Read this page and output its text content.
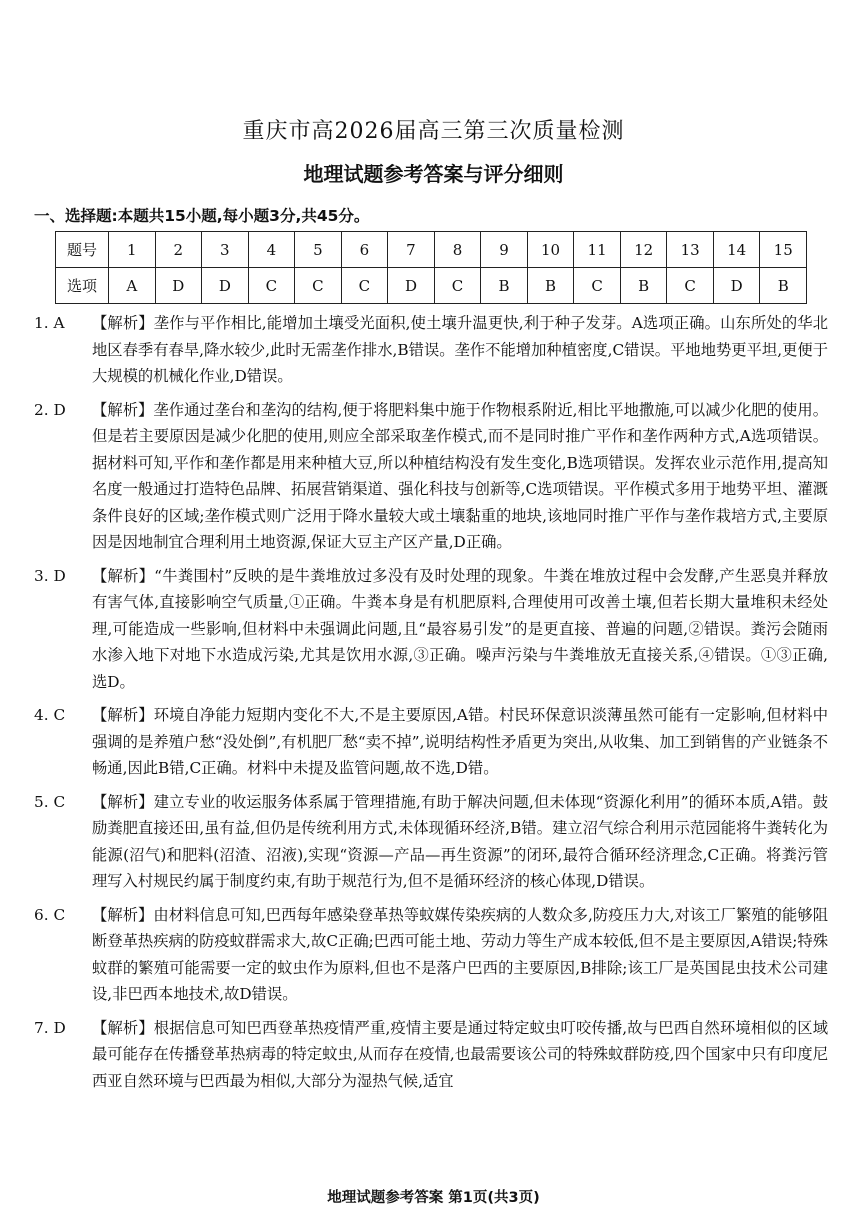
重庆市高2026届高三第三次质量检测
地理试题参考答案与评分细则
一、选择题:本题共15小题,每小题3分,共45分。
题号	1	2	3	4	5	6	7	8	9	10	11	12	13	14	15
选项	A	D	D	C	C	C	D	C	B	B	C	B	C	D	B

1. A 【解析】垄作与平作相比,能增加土壤受光面积,使土壤升温更快,利于种子发芽。A选项正确。山东所处的华北地区春季有春旱,降水较少,此时无需垄作排水,B错误。垄作不能增加种植密度,C错误。平地地势更平坦,更便于大规模的机械化作业,D错误。

2. D 【解析】垄作通过垄台和垄沟的结构,便于将肥料集中施于作物根系附近,相比平地撒施,可以减少化肥的使用。但是若主要原因是减少化肥的使用,则应全部采取垄作模式,而不是同时推广平作和垄作两种方式,A选项错误。据材料可知,平作和垄作都是用来种植大豆,所以种植结构没有发生变化,B选项错误。发挥农业示范作用,提高知名度一般通过打造特色品牌、拓展营销渠道、强化科技与创新等,C选项错误。平作模式多用于地势平坦、灌溉条件良好的区域;垄作模式则广泛用于降水量较大或土壤黏重的地块,该地同时推广平作与垄作栽培方式,主要原因是因地制宜合理利用土地资源,保证大豆主产区产量,D正确。

3. D 【解析】“牛粪围村”反映的是牛粪堆放过多没有及时处理的现象。牛粪在堆放过程中会发酵,产生恶臭并释放有害气体,直接影响空气质量,①正确。牛粪本身是有机肥原料,合理使用可改善土壤,但若长期大量堆积未经处理,可能造成一些影响,但材料中未强调此问题,且“最容易引发”的是更直接、普遍的问题,②错误。粪污会随雨水渗入地下对地下水造成污染,尤其是饮用水源,③正确。噪声污染与牛粪堆放无直接关系,④错误。①③正确,选D。

4. C 【解析】环境自净能力短期内变化不大,不是主要原因,A错。村民环保意识淡薄虽然可能有一定影响,但材料中强调的是养殖户愁“没处倒”,有机肥厂愁“卖不掉”,说明结构性矛盾更为突出,从收集、加工到销售的产业链条不畅通,因此B错,C正确。材料中未提及监管问题,故不选,D错。

5. C 【解析】建立专业的收运服务体系属于管理措施,有助于解决问题,但未体现“资源化利用”的循环本质,A错。鼓励粪肥直接还田,虽有益,但仍是传统利用方式,未体现循环经济,B错。建立沼气综合利用示范园能将牛粪转化为能源(沼气)和肥料(沼渣、沼液),实现“资源—产品—再生资源”的闭环,最符合循环经济理念,C正确。将粪污管理写入村规民约属于制度约束,有助于规范行为,但不是循环经济的核心体现,D错误。

6. C 【解析】由材料信息可知,巴西每年感染登革热等蚊媒传染疾病的人数众多,防疫压力大,对该工厂繁殖的能够阻断登革热疾病的防疫蚊群需求大,故C正确;巴西可能土地、劳动力等生产成本较低,但不是主要原因,A错误;特殊蚊群的繁殖可能需要一定的蚊虫作为原料,但也不是落户巴西的主要原因,B排除;该工厂是英国昆虫技术公司建设,非巴西本地技术,故D错误。

7. D 【解析】根据信息可知巴西登革热疫情严重,疫情主要是通过特定蚊虫叮咬传播,故与巴西自然环境相似的区域最可能存在传播登革热病毒的特定蚊虫,从而存在疫情,也最需要该公司的特殊蚊群防疫,四个国家中只有印度尼西亚自然环境与巴西最为相似,大部分为湿热气候,适宜

地理试题参考答案 第1页(共3页)
